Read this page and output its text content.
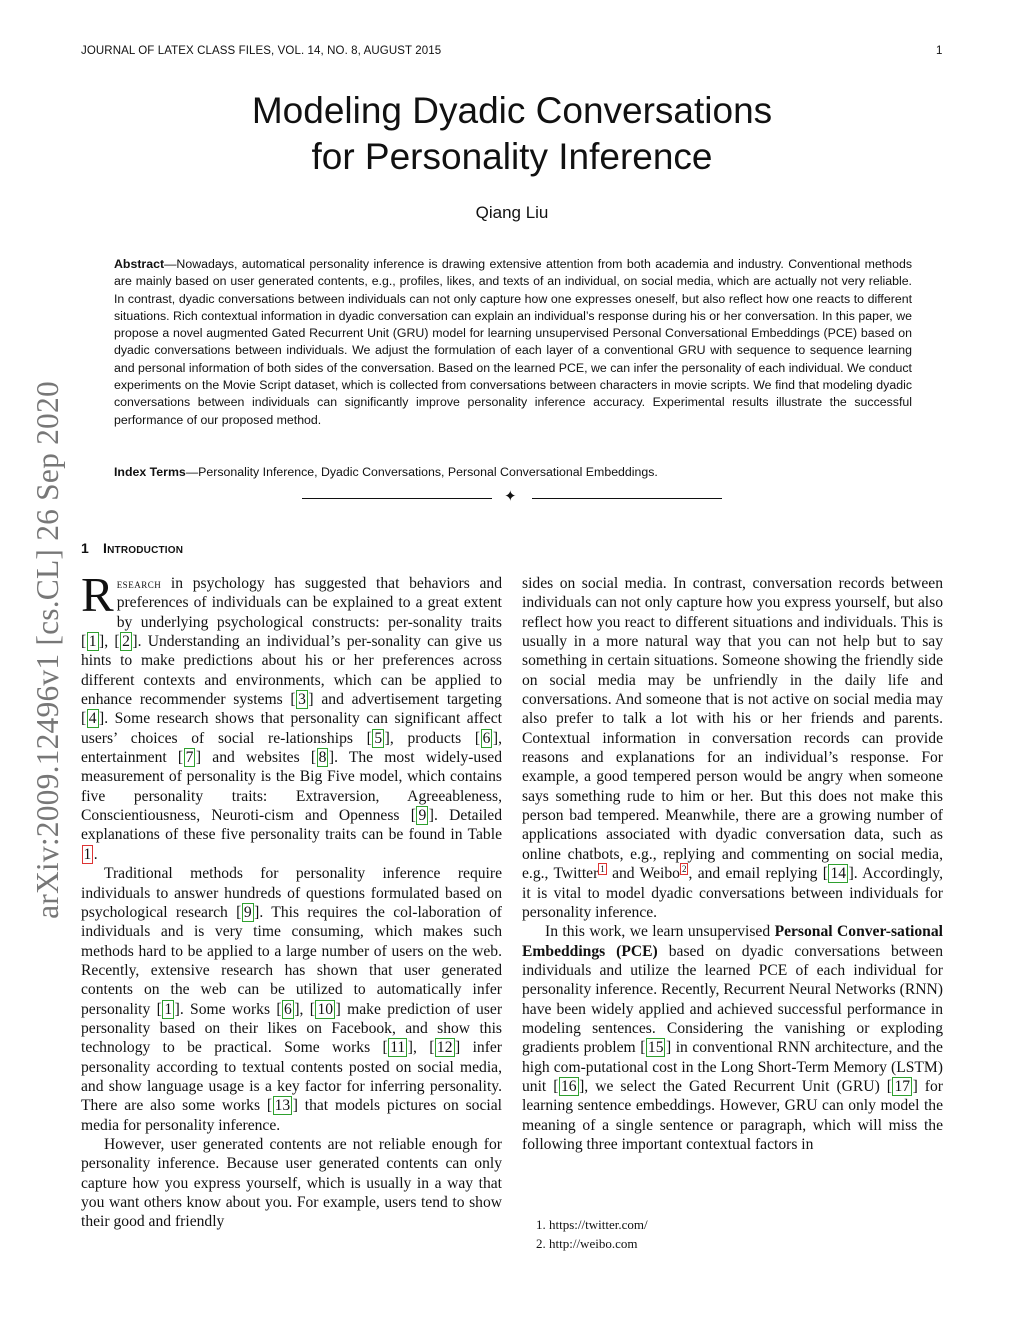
JOURNAL OF LATEX CLASS FILES, VOL. 14, NO. 8, AUGUST 2015	1
arXiv:2009.12496v1 [cs.CL] 26 Sep 2020
Modeling Dyadic Conversations
for Personality Inference
Qiang Liu
Abstract—Nowadays, automatical personality inference is drawing extensive attention from both academia and industry. Conventional methods are mainly based on user generated contents, e.g., profiles, likes, and texts of an individual, on social media, which are actually not very reliable. In contrast, dyadic conversations between individuals can not only capture how one expresses oneself, but also reflect how one reacts to different situations. Rich contextual information in dyadic conversation can explain an individual’s response during his or her conversation. In this paper, we propose a novel augmented Gated Recurrent Unit (GRU) model for learning unsupervised Personal Conversational Embeddings (PCE) based on dyadic conversations between individuals. We adjust the formulation of each layer of a conventional GRU with sequence to sequence learning and personal information of both sides of the conversation. Based on the learned PCE, we can infer the personality of each individual. We conduct experiments on the Movie Script dataset, which is collected from conversations between characters in movie scripts. We find that modeling dyadic conversations between individuals can significantly improve personality inference accuracy. Experimental results illustrate the successful performance of our proposed method.
Index Terms—Personality Inference, Dyadic Conversations, Personal Conversational Embeddings.
✦
1 Introduction

Research in psychology has suggested that behaviors and preferences of individuals can be explained to a great extent by underlying psychological constructs: per-sonality traits [ 1 ], [ 2 ]. Understanding an individual’s per-sonality can give us hints to make predictions about his or her preferences across different contexts and environments, which can be applied to enhance recommender systems [ 3 ] and advertisement targeting [ 4 ]. Some research shows that personality can significant affect users’ choices of social re-lationships [ 5 ], products [ 6 ], entertainment [ 7 ] and websites [ 8 ]. The most widely-used measurement of personality is the Big Five model, which contains five personality traits: Extraversion, Agreeableness, Conscientiousness, Neuroti-cism and Openness [ 9 ]. Detailed explanations of these five personality traits can be found in Table 1 .

Traditional methods for personality inference require individuals to answer hundreds of questions formulated based on psychological research [ 9 ]. This requires the col-laboration of individuals and is very time consuming, which makes such methods hard to be applied to a large number of users on the web. Recently, extensive research has shown that user generated contents on the web can be utilized to automatically infer personality [ 1 ]. Some works [ 6 ], [ 10 ] make prediction of user personality based on their likes on Facebook, and show this technology to be practical. Some works [ 11 ], [ 12 ] infer personality according to textual contents posted on social media, and show language usage is a key factor for inferring personality. There are also some works [ 13 ] that models pictures on social media for personality inference.

However, user generated contents are not reliable enough for personality inference. Because user generated contents can only capture how you express yourself, which is usually in a way that you want others know about you. For example, users tend to show their good and friendly

sides on social media. In contrast, conversation records between individuals can not only capture how you express yourself, but also reflect how you react to different situations and individuals. This is usually in a more natural way that you can not help but to say something in certain situations. Someone showing the friendly side on social media may be unfriendly in the daily life and conversations. And someone that is not active on social media may also prefer to talk a lot with his or her friends and parents. Contextual information in conversation records can provide reasons and explanations for an individual’s response. For example, a good tempered person would be angry when someone says something rude to him or her. But this does not make this person bad tempered. Meanwhile, there are a growing number of applications associated with dyadic conversation data, such as online chatbots, e.g., replying and commenting on social media, e.g., Twitter $^1$ and Weibo $^2$ , and email replying [ 14 ]. Accordingly, it is vital to model dyadic conversations between individuals for personality inference.

In this work, we learn unsupervised Personal Conver-sational Embeddings (PCE) based on dyadic conversations between individuals and utilize the learned PCE of each individual for personality inference. Recently, Recurrent Neural Networks (RNN) have been widely applied and achieved successful performance in modeling sentences. Considering the vanishing or exploding gradients problem [ 15 ] in conventional RNN architecture, and the high com-putational cost in the Long Short-Term Memory (LSTM) unit [ 16 ], we select the Gated Recurrent Unit (GRU) [ 17 ] for learning sentence embeddings. However, GRU can only model the meaning of a single sentence or paragraph, which will miss the following three important contextual factors in

1. https://twitter.com/
2. http://weibo.com
